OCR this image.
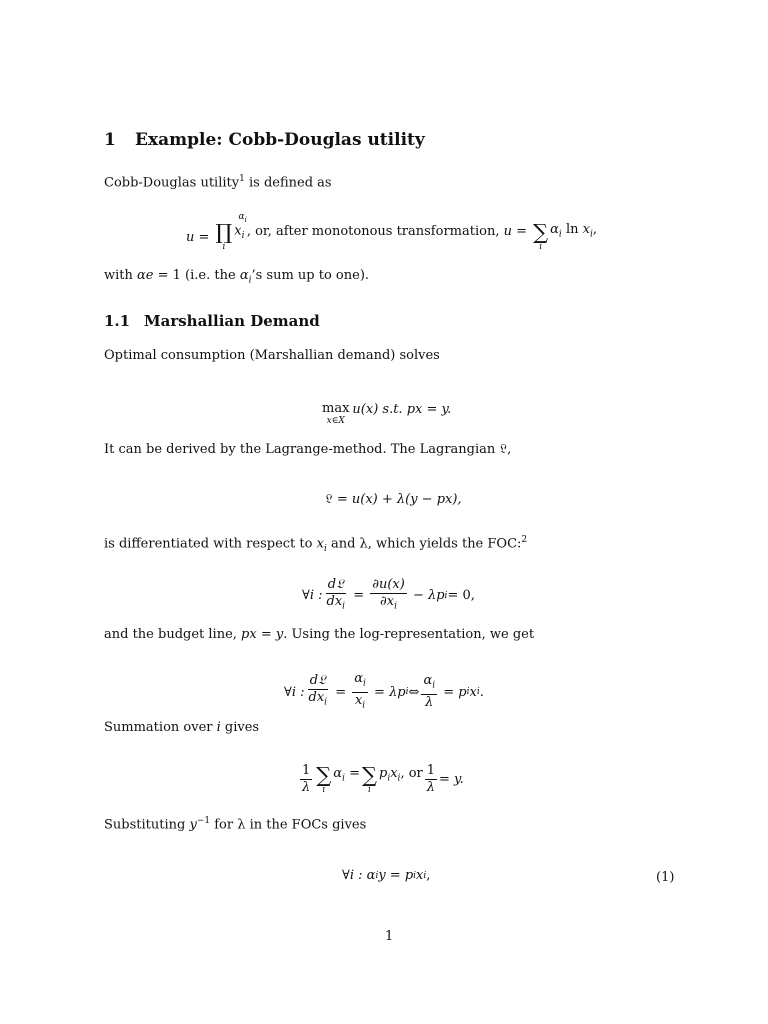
1 Example: Cobb-Douglas utility
Cobb-Douglas utility$^1$ is defined as
u = ∏
i
$x_i^{\alpha_i}$
, or, after monotonous transformation,
u = ∑
i
$\alpha_i$ $\ln x_i$,
with αe = 1 (i.e. the $\alpha_i’s$ sum up to one).
1.1 Marshallian Demand
Optimal consumption (Marshallian demand) solves
max
x∈X
u(x) s.t. px = y.
It can be derived by the Lagrange-method. The Lagrangian 𝔏,
𝔏
= u(x) + λ(y − px),
is differentiated with respect to $x_i$ and λ, which yields the FOC:$^2$
∀i : $\frac{\text{d𝔏}}{dx_i} = \frac{\partial u(x)}{\partial x_i}$
− λp i = 0,
and the budget line, px = y. Using the log-representation, we get
∀i : $\frac{\text{d𝔏}}{dx_i} = \frac{\alpha_i}{x_i}$
= λp i ⇔ $\frac{\alpha_i}{\lambda}$
= p i x i .
Summation over i gives
$\frac{1}{\lambda}$ ∑
i
$\alpha_i$ = ∑
i
$p_ix_i$, or $\frac{1}{\lambda} = y$.
Substituting $y^{-1}$ for λ in the FOCs gives
∀i : α i y = p i x i ,	(1)
1
